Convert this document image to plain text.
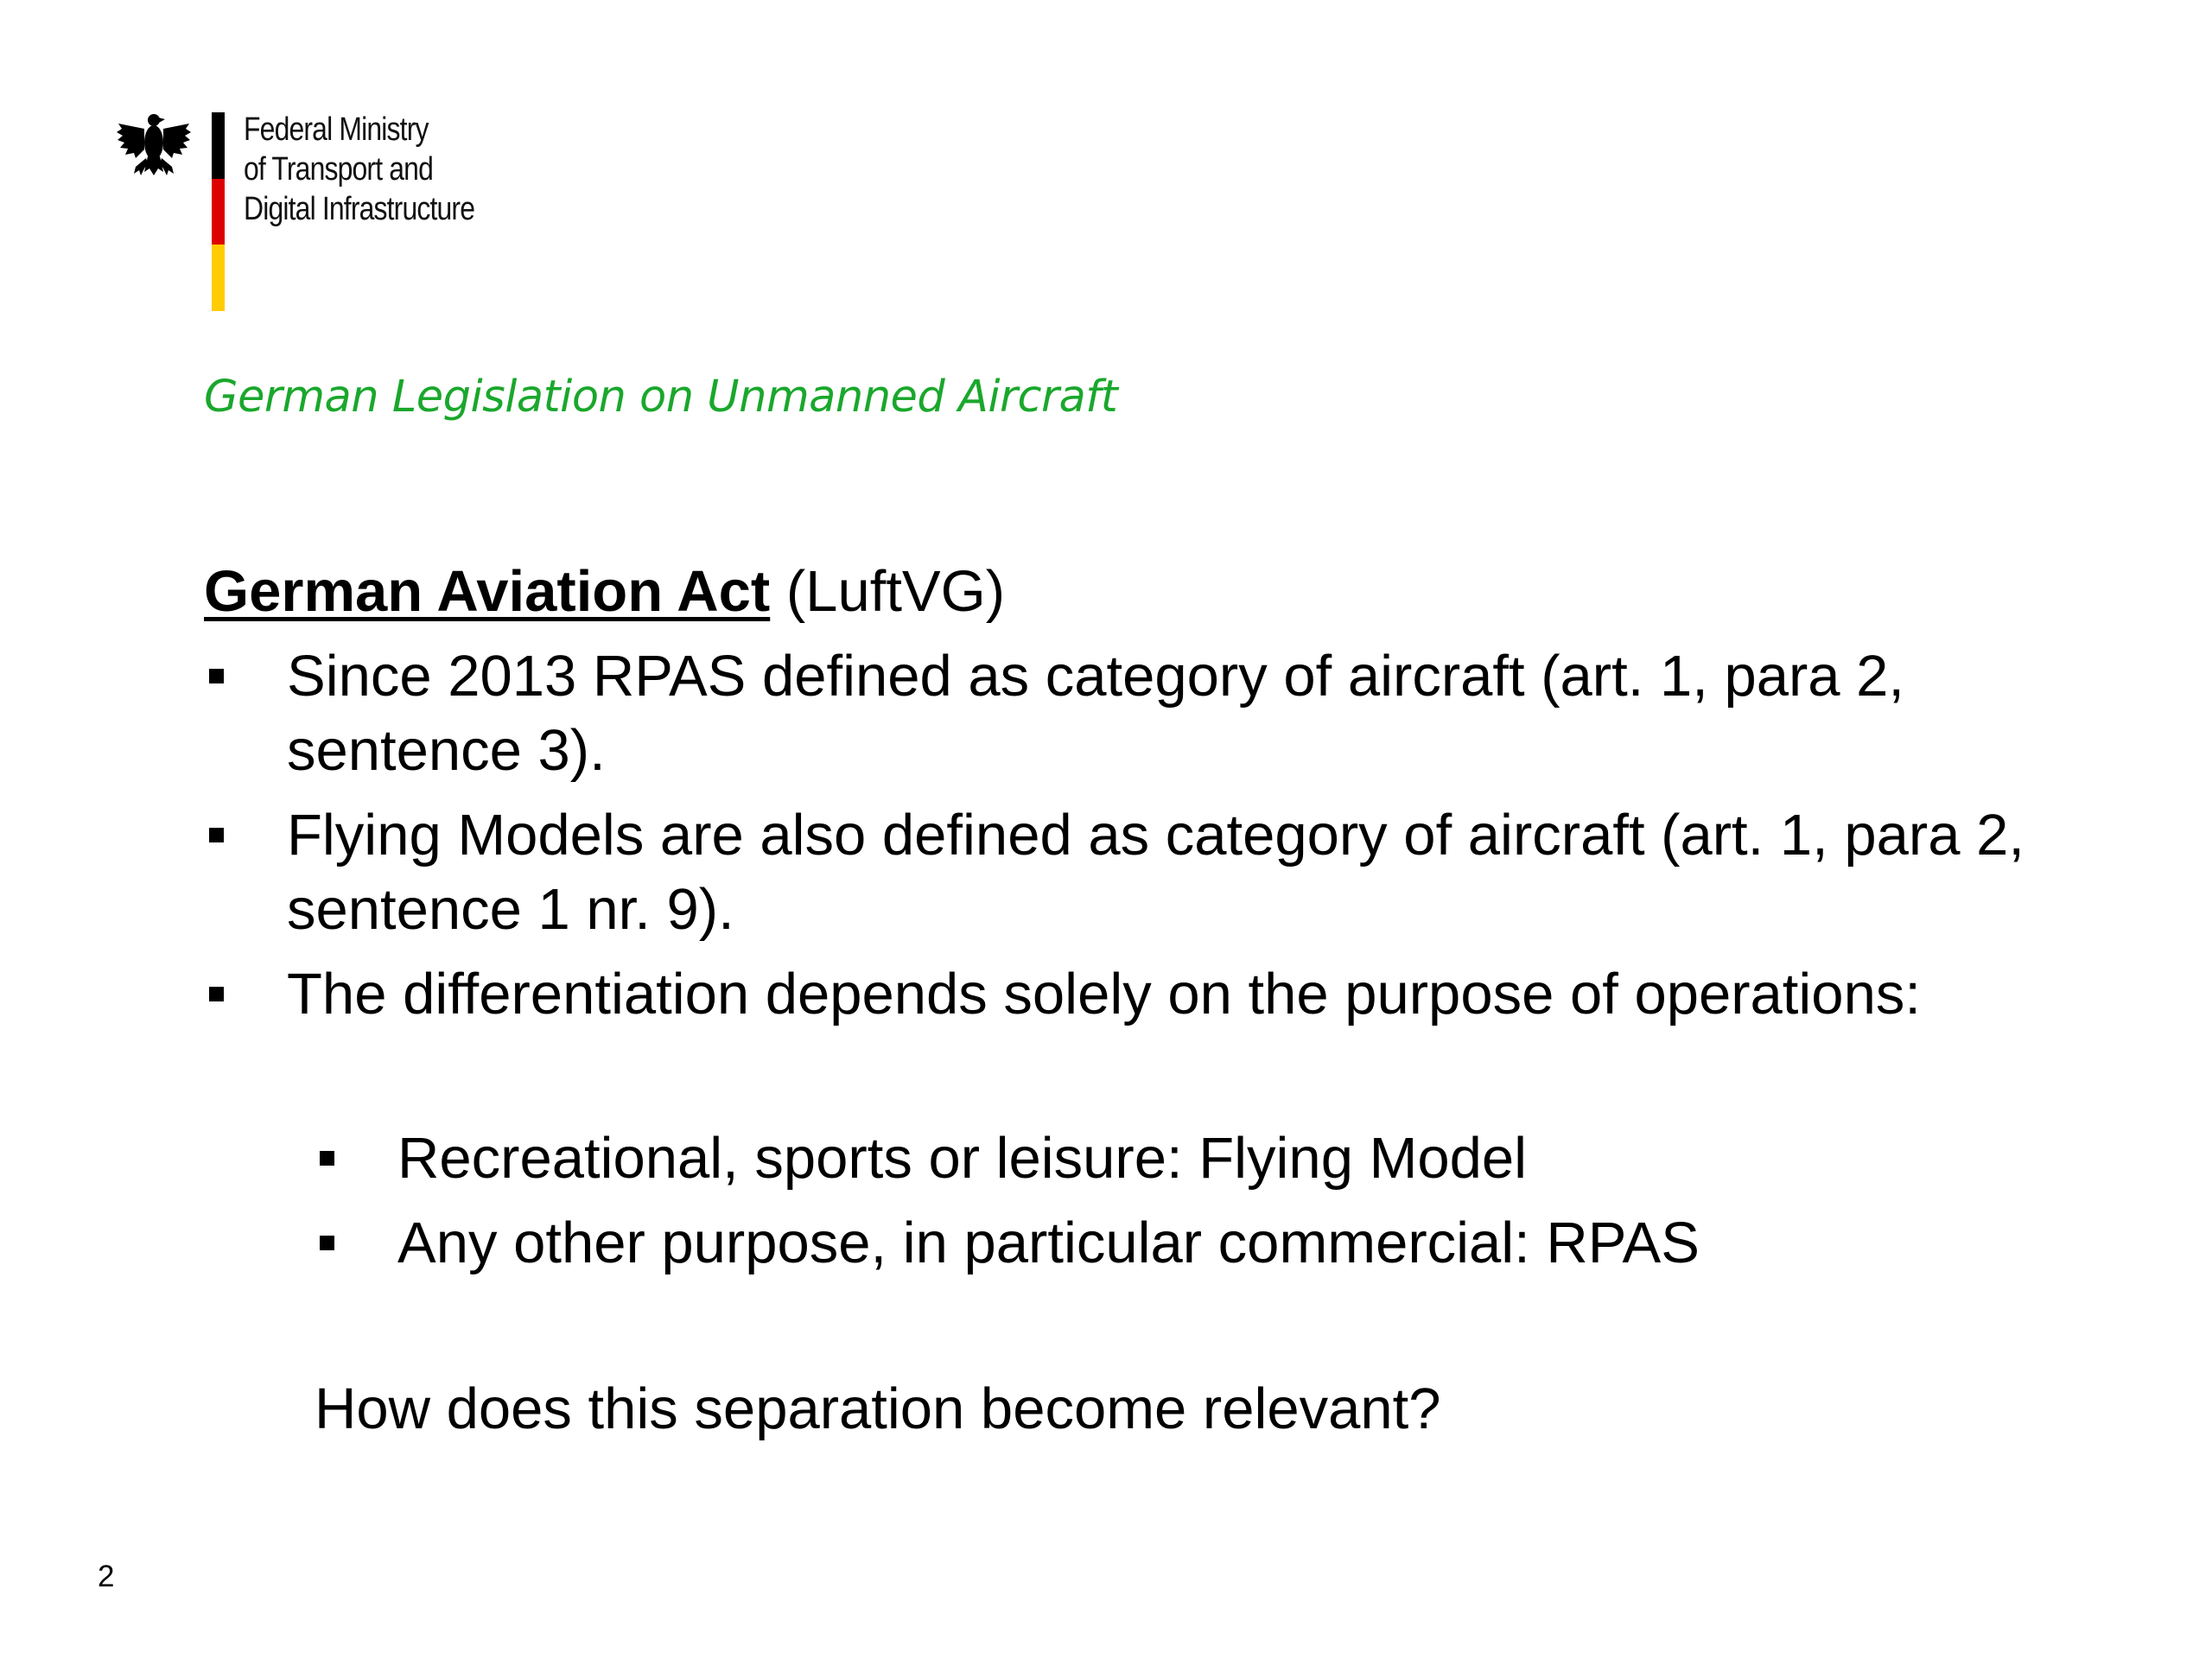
Federal Ministry
of Transport and
Digital Infrastructure
German Legislation on Unmanned Aircraft
German Aviation Act (LuftVG)
Since 2013 RPAS defined as category of aircraft (art. 1, para 2, sentence 3).
Flying Models are also defined as category of aircraft (art. 1, para 2, sentence 1 nr. 9).
The differentiation depends solely on the purpose of operations:
Recreational, sports or leisure: Flying Model
Any other purpose, in particular commercial: RPAS
How does this separation become relevant?
2
